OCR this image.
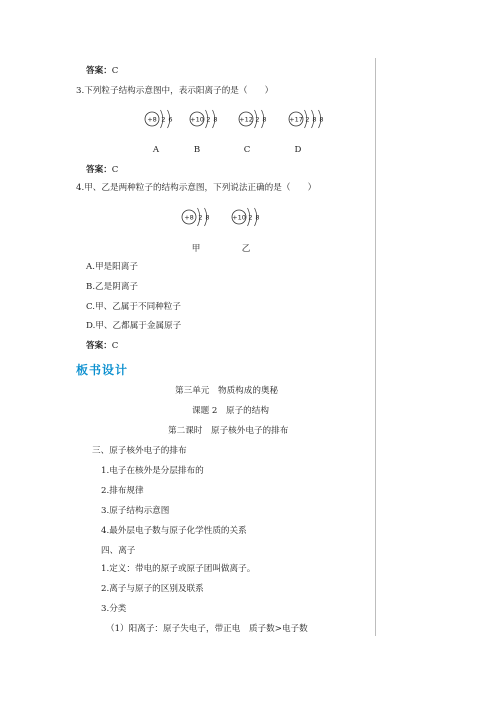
答案：C
3.下列粒子结构示意图中，表示阳离子的是（　　）
+8 2 6	+10 2 8	+12 2 8	+17 2 8 8
A	B	C	D
答案：C
4.甲、乙是两种粒子的结构示意图，下列说法正确的是（　　）
+8 2 8	+10 2 8
甲	乙
A.甲是阳离子
B.乙是阴离子
C.甲、乙属于不同种粒子
D.甲、乙都属于金属原子
答案：C
板书设计
第三单元　物质构成的奥秘
课题 2　原子的结构
第二课时　原子核外电子的排布
三、原子核外电子的排布
1.电子在核外是分层排布的
2.排布规律
3.原子结构示意图
4.最外层电子数与原子化学性质的关系
四、离子
1.定义：带电的原子或原子团叫做离子。
2.离子与原子的区别及联系
3.分类
（1）阳离子：原子失电子，带正电　质子数>电子数
